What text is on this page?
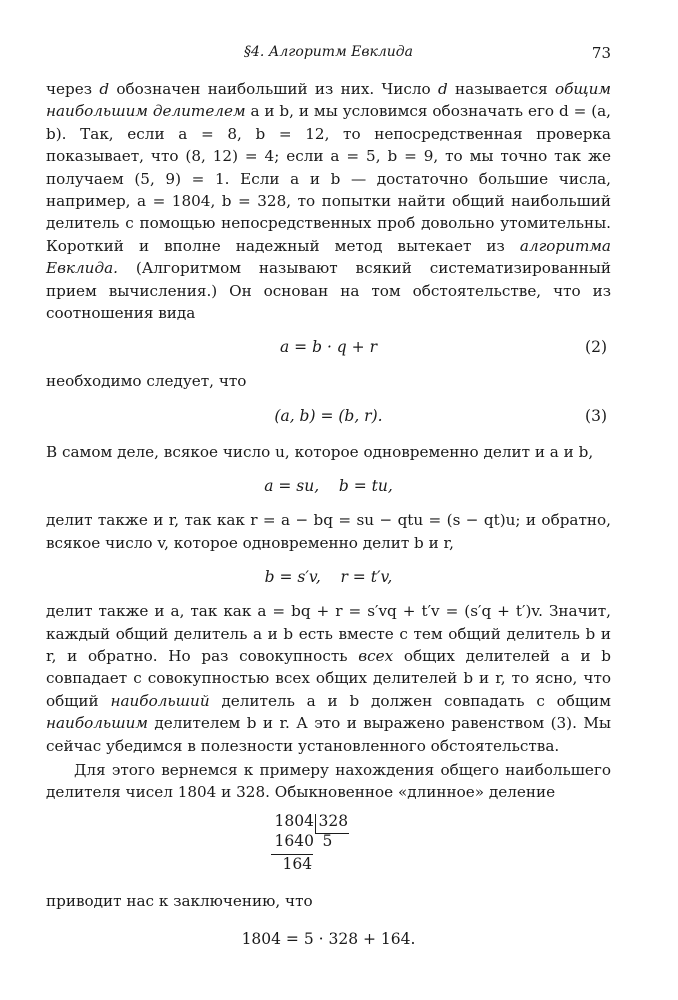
§4. Алгоритм Евклида	73

через d обозначен наибольший из них. Число d называется общим наибольшим делителем a и b, и мы условимся обозначать его d = (a, b). Так, если a = 8, b = 12, то непосредственная проверка показывает, что (8, 12) = 4; если a = 5, b = 9, то мы точно так же получаем (5, 9) = 1. Если a и b — достаточно большие числа, например, a = 1804, b = 328, то попытки найти общий наибольший делитель с помощью непосредственных проб довольно утомительны. Короткий и вполне надежный метод вытекает из алгоритма Евклида. (Алгоритмом называют всякий систематизированный прием вычисления.) Он основан на том обстоятельстве, что из соотношения вида

a = b · q + r	(2)

необходимо следует, что

(a, b) = (b, r).	(3)

В самом деле, всякое число u, которое одновременно делит и a и b,

a = su,    b = tu,

делит также и r, так как r = a − bq = su − qtu = (s − qt)u; и обратно, всякое число v, которое одновременно делит b и r,

b = s′v,    r = t′v,

делит также и a, так как a = bq + r = s′vq + t′v = (s′q + t′)v. Значит, каждый общий делитель a и b есть вместе с тем общий делитель b и r, и обратно. Но раз совокупность всех общих делителей a и b совпадает с совокупностью всех общих делителей b и r, то ясно, что общий наибольший делитель a и b должен совпадать с общим наибольшим делителем b и r. А это и выражено равенством (3). Мы сейчас убедимся в полезности установленного обстоятельства.

Для этого вернемся к примеру нахождения общего наибольшего делителя чисел 1804 и 328. Обыкновенное «длинное» деление

1804 328
1640 5
164

приводит нас к заключению, что

1804 = 5 · 328 + 164.
